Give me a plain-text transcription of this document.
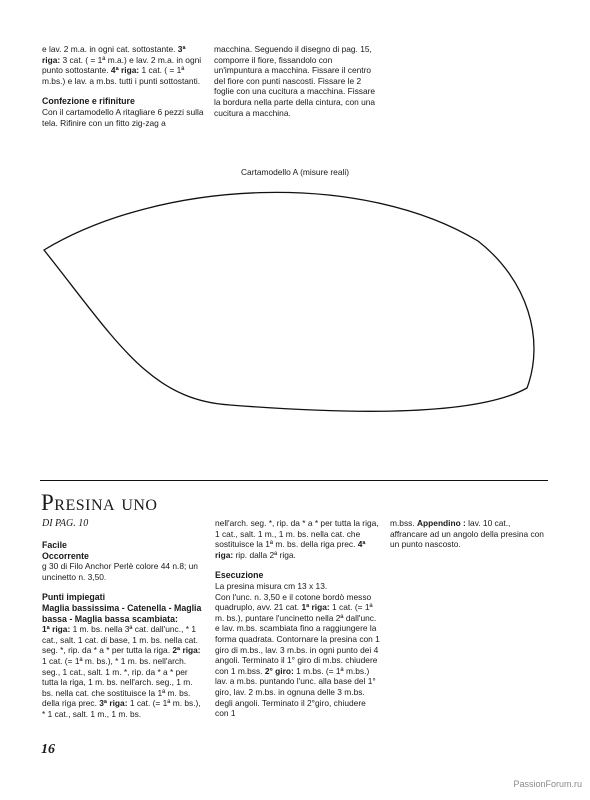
e lav. 2 m.a. in ogni cat. sottostante. 3ª riga: 3 cat. ( = 1ª m.a.) e lav. 2 m.a. in ogni punto sottostante. 4ª riga: 1 cat. ( = 1ª m.bs.) e lav. a m.bs. tutti i punti sottostanti.

Confezione e rifiniture

Con il cartamodello A ritagliare 6 pezzi sulla tela. Rifinire con un fitto zig-zag a

macchina. Seguendo il disegno di pag. 15, comporre il fiore, fissandolo con un'impuntura a macchina. Fissare il centro del fiore con punti nascosti. Fissare le 2 foglie con una cucitura a macchina. Fissare la bordura nella parte della cintura, con una cucitura a macchina.

Cartamodello A (misure reali)
Presina uno
DI PAG. 10

Facile

Occorrente

g 30 di Filo Anchor Perlè colore 44 n.8; un uncinetto n. 3,50.

Punti impiegati

Maglia bassissima - Catenella - Maglia bassa - Maglia bassa scambiata:

1ª riga: 1 m. bs. nella 3ª cat. dall'unc., * 1 cat., salt. 1 cat. di base, 1 m. bs. nella cat. seg. *, rip. da * a * per tutta la riga. 2ª riga: 1 cat. (= 1ª m. bs.), * 1 m. bs. nell'arch. seg., 1 cat., salt. 1 m. *, rip. da * a * per tutta la riga, 1 m. bs. nell'arch. seg., 1 m. bs. nella cat. che sostituisce la 1ª m. bs. della riga prec. 3ª riga: 1 cat. (= 1ª m. bs.), * 1 cat., salt. 1 m., 1 m. bs.

nell'arch. seg. *, rip. da * a * per tutta la riga, 1 cat., salt. 1 m., 1 m. bs. nella cat. che sostituisce la 1ª m. bs. della riga prec. 4ª riga: rip. dalla 2ª riga.

Esecuzione

La presina misura cm 13 x 13.

Con l'unc. n. 3,50 e il cotone bordò messo quadruplo, avv. 21 cat. 1ª riga: 1 cat. (= 1ª m. bs.), puntare l'uncinetto nella 2ª dall'unc. e lav. m.bs. scambiata fino a raggiungere la forma quadrata. Contornare la presina con 1 giro di m.bs., lav. 3 m.bs. in ogni punto dei 4 angoli. Terminato il 1° giro di m.bs. chiudere con 1 m.bss. 2° giro: 1 m.bs. (= 1ª m.bs.) lav. a m.bs. puntando l'unc. alla base del 1° giro, lav. 2 m.bs. in ognuna delle 3 m.bs. degli angoli. Terminato il 2°giro, chiudere con 1

m.bss. Appendino : lav. 10 cat., affrancare ad un angolo della presina con un punto nascosto.

16
PassionForum.ru
